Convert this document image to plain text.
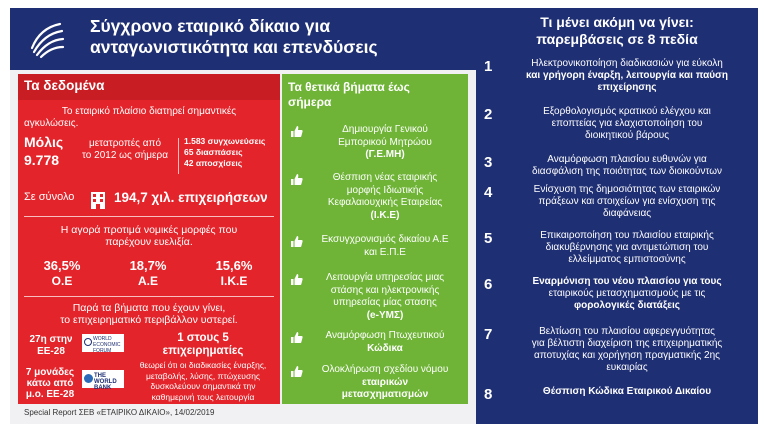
Σύγχρονο εταιρικό δίκαιο για
ανταγωνιστικότητα και επενδύσεις
Τα δεδομένα
Το εταιρικό πλαίσιο διατηρεί σημαντικές
αγκυλώσεις.
Μόλις
9.778
μετατροπές από
το 2012 ως σήμερα
1.583 συγχωνεύσεις
65 διασπάσεις
42 αποσχίσεις
Σε σύνολο	194,7 χιλ. επιχειρήσεων
Η αγορά προτιμά νομικές μορφές που
παρέχουν ευελιξία.
36,5%
Ο.Ε
18,7%
Α.Ε
15,6%
Ι.Κ.Ε
Παρά τα βήματα που έχουν γίνει,
το επιχειρηματικό περιβάλλον υστερεί.
27η στην
ΕΕ-28
WORLD ECONOMIC FORUM
7 μονάδες
κάτω από
μ.ο. ΕΕ-28
THE WORLD BANK
1 στους 5
επιχειρηματίες
θεωρεί ότι οι διαδικασίες έναρξης,
μεταβολής, λύσης, πτώχευσης
δυσκολεύουν σημαντικά την
καθημερινή τους λειτουργία
Τα θετικά βήματα έως
σήμερα
Δημιουργία Γενικού
Εμπορικού Μητρώου
(Γ.Ε.ΜΗ)
Θέσπιση νέας εταιρικής
μορφής Ιδιωτικής
Κεφαλαιουχικής Εταιρείας
(Ι.Κ.Ε)
Εκσυγχρονισμός δικαίου Α.Ε
και Ε.Π.Ε
Λειτουργία υπηρεσίας μιας
στάσης και ηλεκτρονικής
υπηρεσίας μίας στασης
(e-ΥΜΣ)
Αναμόρφωση Πτωχευτικού
Κώδικα
Ολοκλήρωση σχεδίου νόμου
εταιρικών
μετασχηματισμών
Τι μένει ακόμη να γίνει:
παρεμβάσεις σε 8 πεδία
1	Ηλεκτρονικοποίηση διαδικασιών για εύκολη
και γρήγορη έναρξη, λειτουργία και παύση
επιχείρησης
2	Εξορθολογισμός κρατικού ελέγχου και
εποπτείας για ελαχιστοποίηση του
διοικητικού βάρους
3	Αναμόρφωση πλαισίου ευθυνών για
διασφάλιση της ποιότητας των διοικούντων
4	Ενίσχυση της δημοσιότητας των εταιρικών
πράξεων και στοιχείων για ενίσχυση της
διαφάνειας
5	Επικαιροποίηση του πλαισίου εταιρικής
διακυβέρνησης για αντιμετώπιση του
ελλείμματος εμπιστοσύνης
6	Εναρμόνιση του νέου πλαισίου για τους
εταιρικούς μετασχηματισμούς με τις
φορολογικές διατάξεις
7	Βελτίωση του πλαισίου αφερεγγυότητας
για βέλτιστη διαχείριση της επιχειρηματικής
αποτυχίας και χορήγηση πραγματικής 2ης
ευκαιρίας
8	Θέσπιση Κώδικα Εταιρικού Δικαίου
Special Report ΣΕΒ «ΕΤΑΙΡΙΚΟ ΔΙΚΑΙΟ», 14/02/2019
